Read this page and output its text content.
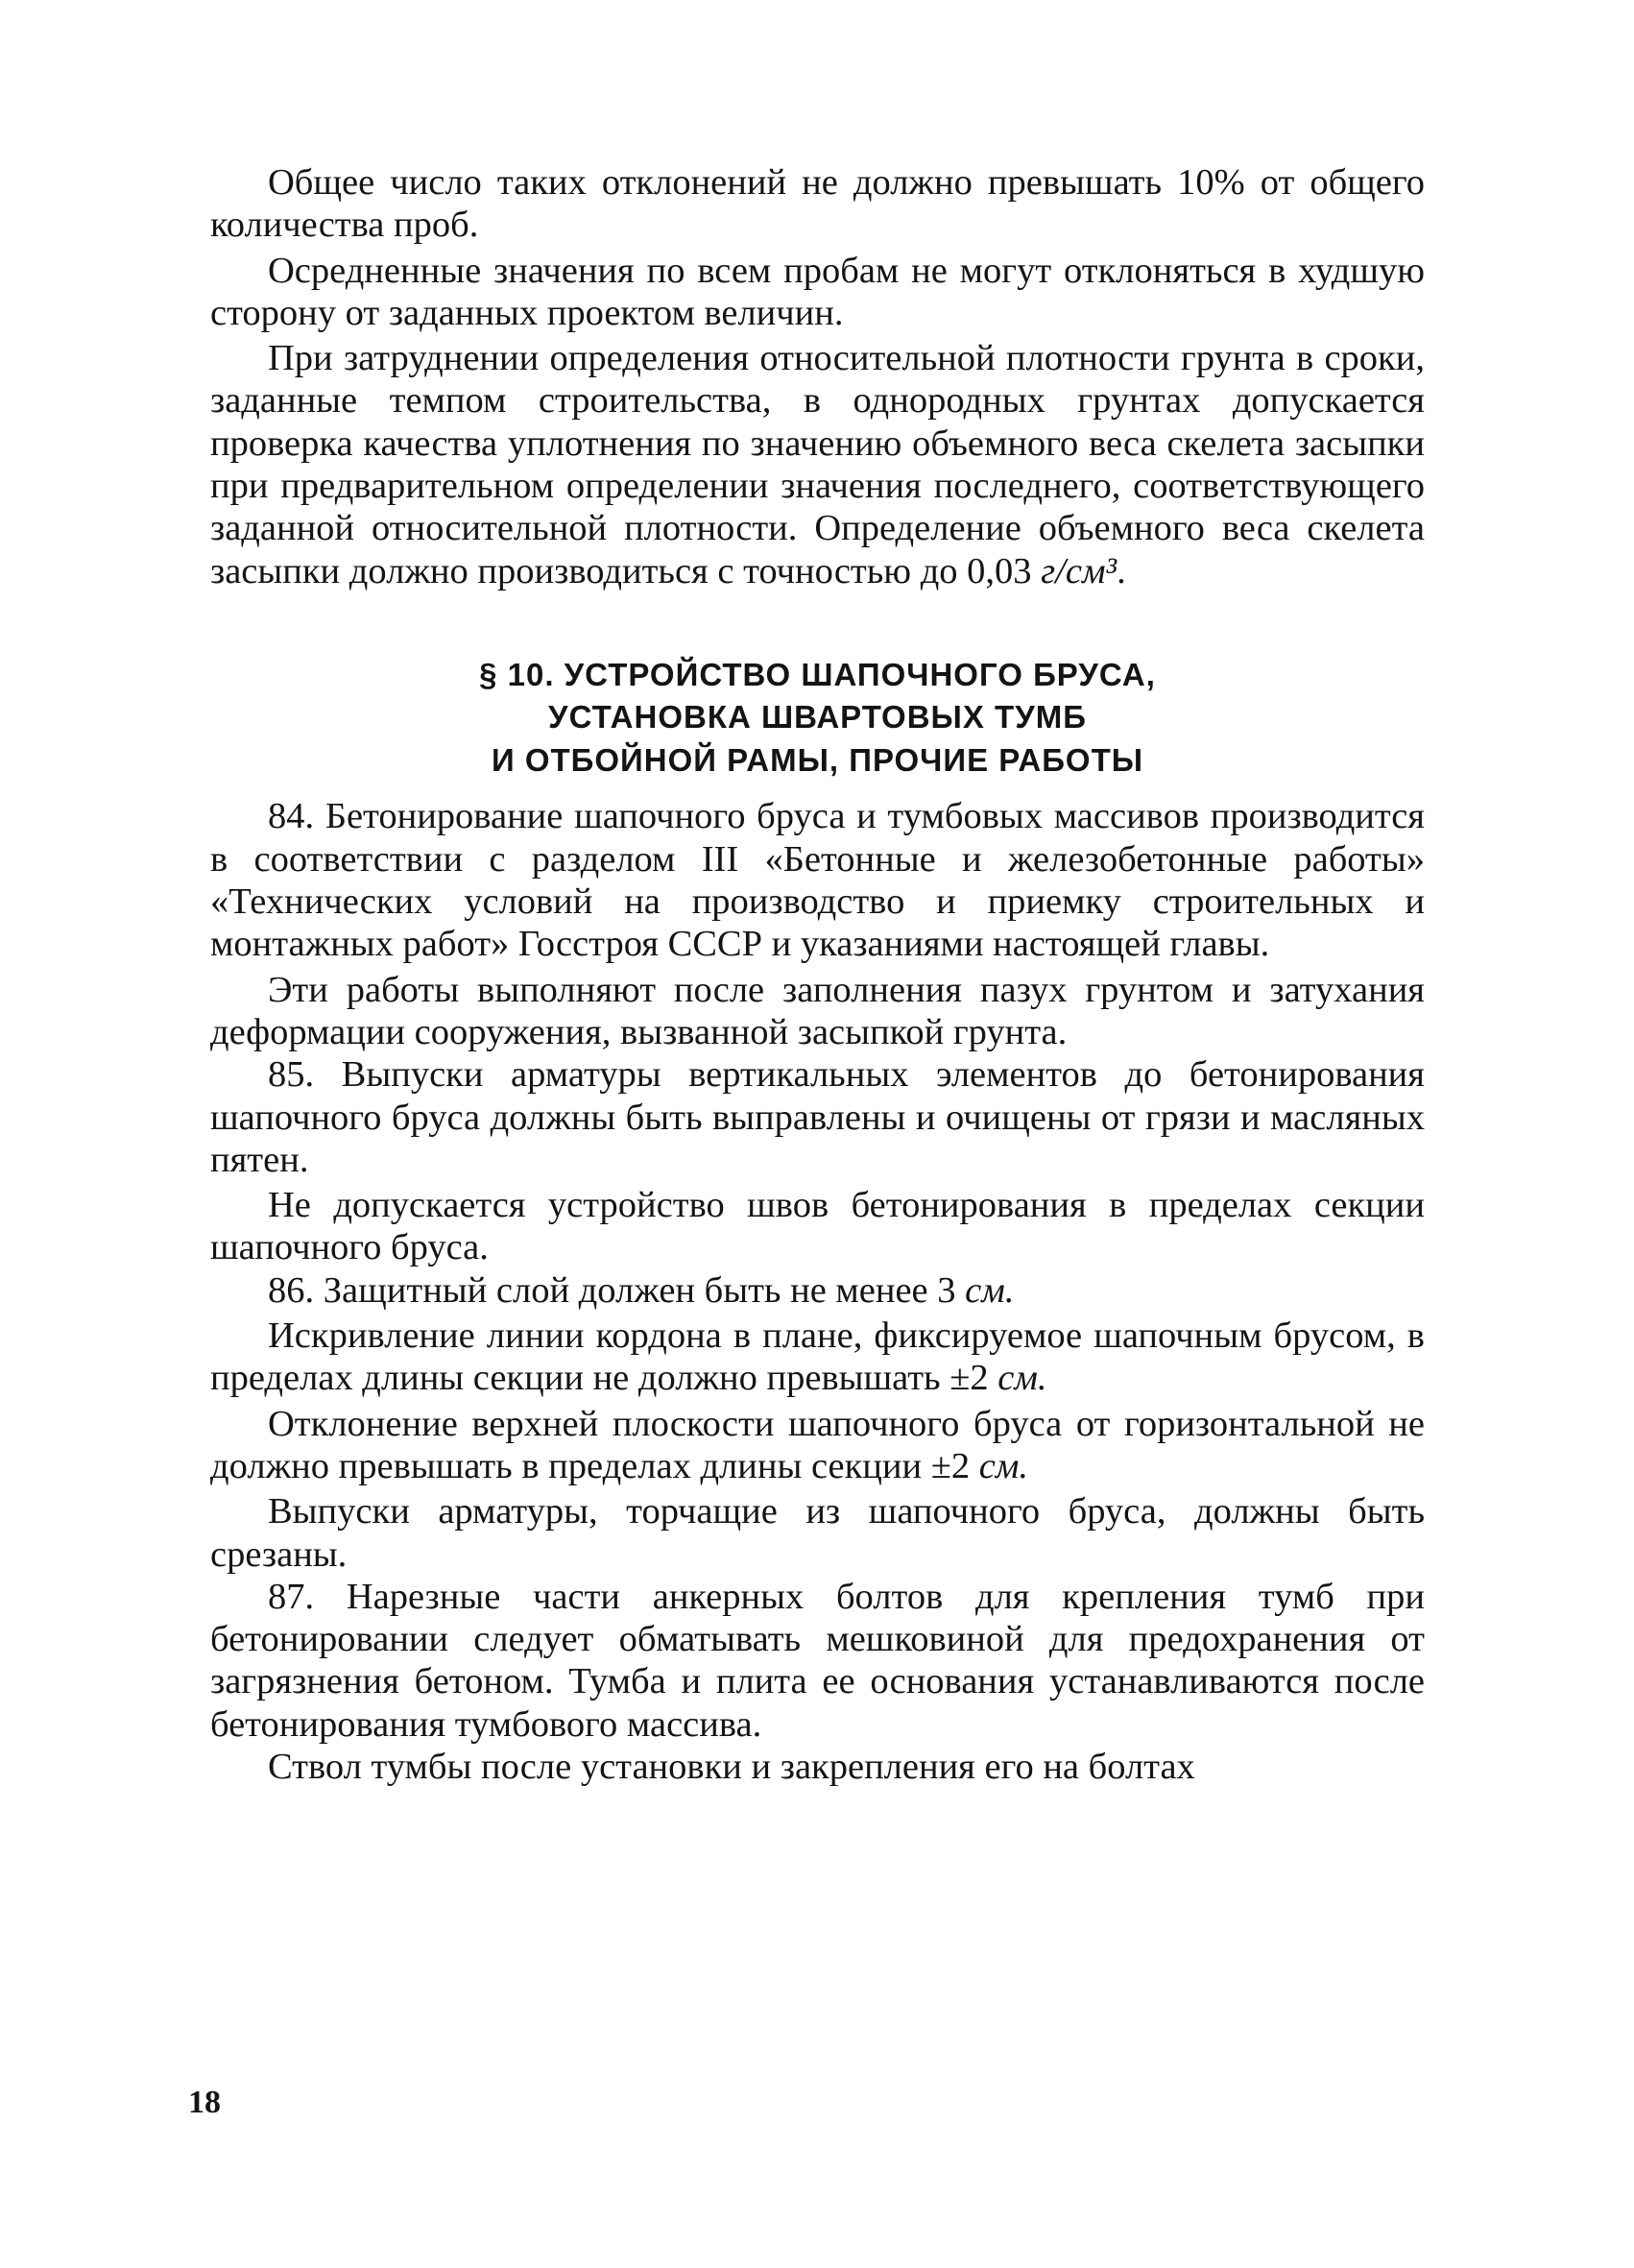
Общее число таких отклонений не должно превышать 10% от общего количества проб.

Осредненные значения по всем пробам не могут отклоняться в худшую сторону от заданных проектом величин.

При затруднении определения относительной плотности грунта в сроки, заданные темпом строительства, в однородных грунтах допускается проверка качества уплотнения по значению объемного веса скелета засыпки при предварительном определении значения последнего, соответствующего заданной относительной плотности. Определение объемного веса скелета засыпки должно производиться с точностью до 0,03 г/см³.

§ 10. УСТРОЙСТВО ШАПОЧНОГО БРУСА,
УСТАНОВКА ШВАРТОВЫХ ТУМБ
И ОТБОЙНОЙ РАМЫ, ПРОЧИЕ РАБОТЫ

84. Бетонирование шапочного бруса и тумбовых массивов производится в соответствии с разделом III «Бетонные и железобетонные работы» «Технических условий на производство и приемку строительных и монтажных работ» Госстроя СССР и указаниями настоящей главы.

Эти работы выполняют после заполнения пазух грунтом и затухания деформации сооружения, вызванной засыпкой грунта.

85. Выпуски арматуры вертикальных элементов до бетонирования шапочного бруса должны быть выправлены и очищены от грязи и масляных пятен.

Не допускается устройство швов бетонирования в пределах секции шапочного бруса.

86. Защитный слой должен быть не менее 3 см.

Искривление линии кордона в плане, фиксируемое шапочным брусом, в пределах длины секции не должно превышать ±2 см.

Отклонение верхней плоскости шапочного бруса от горизонтальной не должно превышать в пределах длины секции ±2 см.

Выпуски арматуры, торчащие из шапочного бруса, должны быть срезаны.

87. Нарезные части анкерных болтов для крепления тумб при бетонировании следует обматывать мешковиной для предохранения от загрязнения бетоном. Тумба и плита ее основания устанавливаются после бетонирования тумбового массива.

Ствол тумбы после установки и закрепления его на болтах

18
